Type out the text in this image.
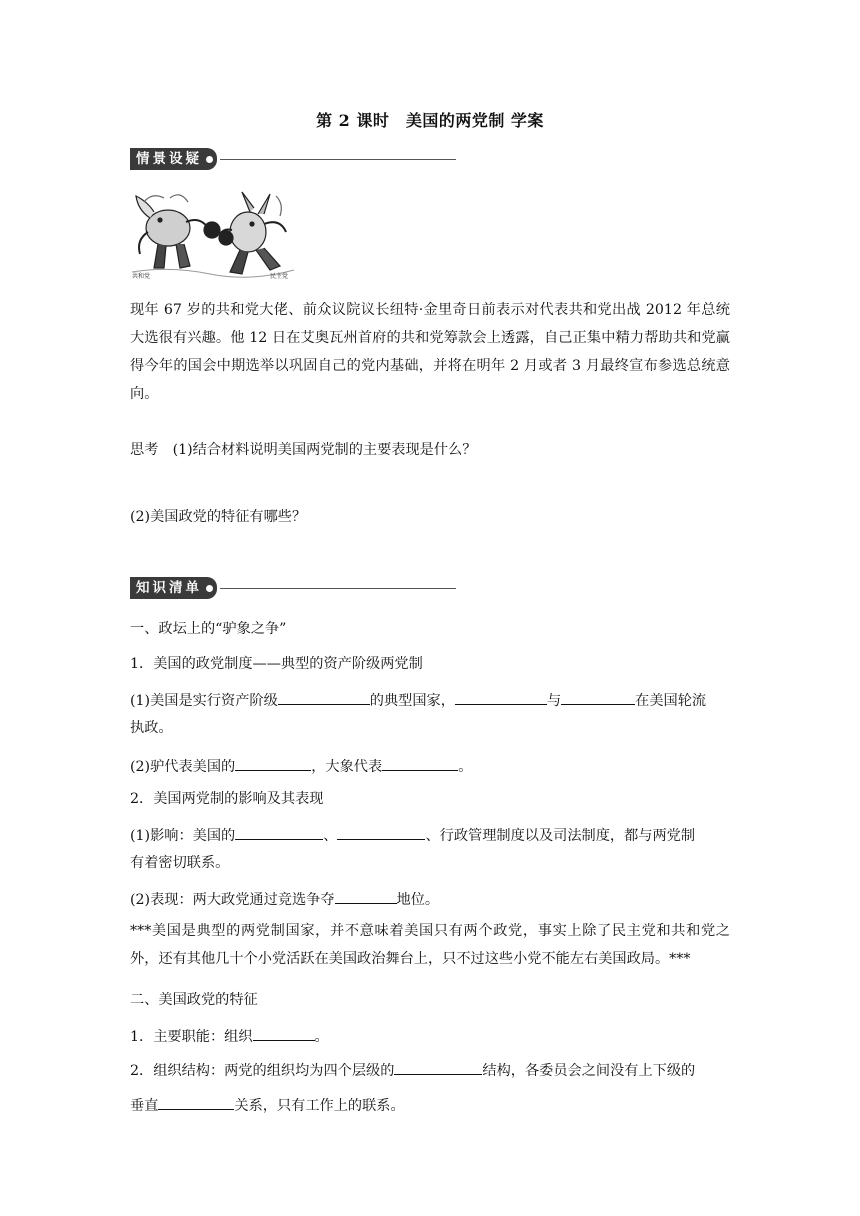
第 2 课时　美国的两党制 学案
情景设疑
共和党	民主党
现年 67 岁的共和党大佬、前众议院议长纽特·金里奇日前表示对代表共和党出战 2012 年总统大选很有兴趣。他 12 日在艾奥瓦州首府的共和党筹款会上透露，自己正集中精力帮助共和党赢得今年的国会中期选举以巩固自己的党内基础，并将在明年 2 月或者 3 月最终宣布参选总统意向。
思考　(1)结合材料说明美国两党制的主要表现是什么？
(2)美国政党的特征有哪些？
知识清单
一、政坛上的“驴象之争”
1．美国的政党制度——典型的资产阶级两党制
(1)美国是实行资产阶级	的典型国家，	与	在美国轮流
执政。
(2)驴代表美国的	，大象代表	。
2．美国两党制的影响及其表现
(1)影响：美国的	、	、行政管理制度以及司法制度，都与两党制
有着密切联系。
(2)表现：两大政党通过竞选争夺	地位。
***美国是典型的两党制国家，并不意味着美国只有两个政党，事实上除了民主党和共和党之外，还有其他几十个小党活跃在美国政治舞台上，只不过这些小党不能左右美国政局。***
二、美国政党的特征
1．主要职能：组织	。
2．组织结构：两党的组织均为四个层级的	结构，各委员会之间没有上下级的
垂直	关系，只有工作上的联系。
